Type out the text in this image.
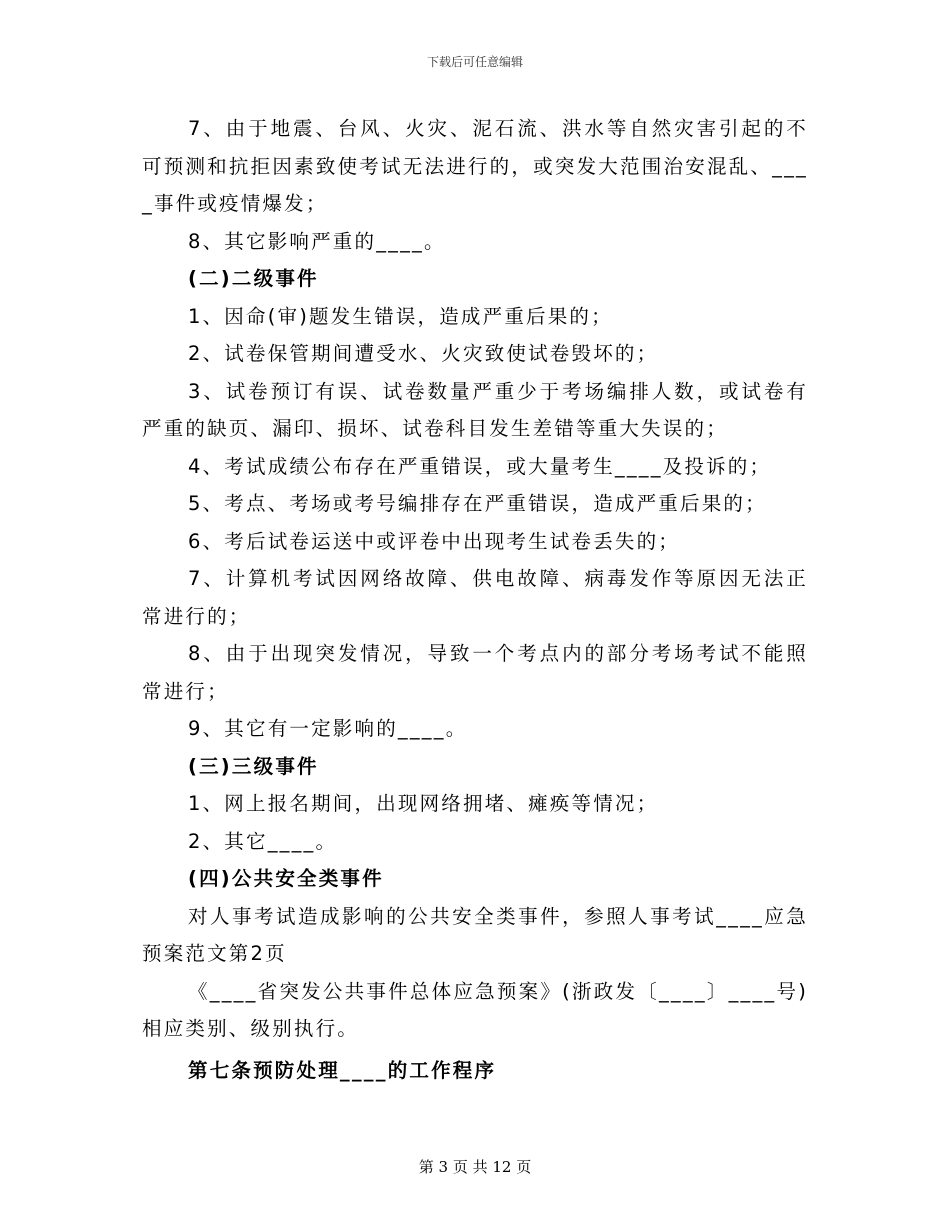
下载后可任意编辑

7、由于地震、台风、火灾、泥石流、洪水等自然灾害引起的不可预测和抗拒因素致使考试无法进行的，或突发大范围治安混乱、____事件或疫情爆发；

8、其它影响严重的____。

(二)二级事件

1、因命(审)题发生错误，造成严重后果的；

2、试卷保管期间遭受水、火灾致使试卷毁坏的；

3、试卷预订有误、试卷数量严重少于考场编排人数，或试卷有严重的缺页、漏印、损坏、试卷科目发生差错等重大失误的；

4、考试成绩公布存在严重错误，或大量考生____及投诉的；

5、考点、考场或考号编排存在严重错误，造成严重后果的；

6、考后试卷运送中或评卷中出现考生试卷丢失的；

7、计算机考试因网络故障、供电故障、病毒发作等原因无法正常进行的；

8、由于出现突发情况，导致一个考点内的部分考场考试不能照常进行；

9、其它有一定影响的____。

(三)三级事件

1、网上报名期间，出现网络拥堵、瘫痪等情况；

2、其它____。

(四)公共安全类事件

对人事考试造成影响的公共安全类事件，参照人事考试____应急预案范文第2页

《____省突发公共事件总体应急预案》(浙政发〔____〕____号)相应类别、级别执行。

第七条预防处理____的工作程序

第 3 页 共 12 页
